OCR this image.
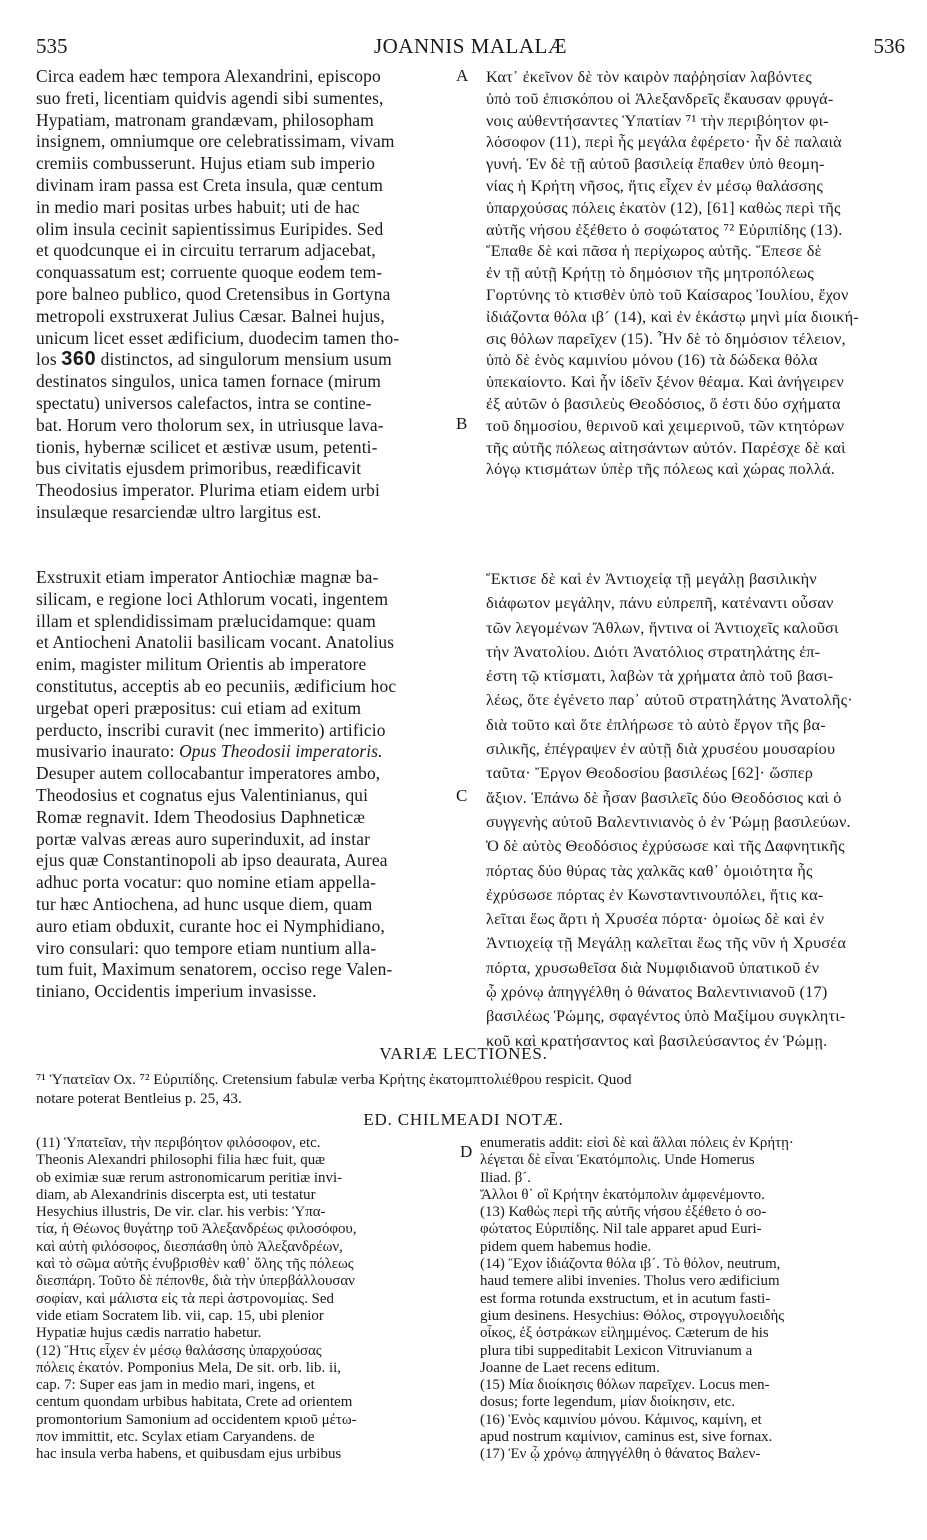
535	JOANNIS MALALÆ	536
Circa eadem hæc tempora Alexandrini, episcopo
suo freti, licentiam quidvis agendi sibi sumentes,
Hypatiam, matronam grandævam, philosopham
insignem, omniumque ore celebratissimam, vivam
cremiis combusserunt. Hujus etiam sub imperio
divinam iram passa est Creta insula, quæ centum
in medio mari positas urbes habuit; uti de hac
olim insula cecinit sapientissimus Euripides. Sed
et quodcunque ei in circuitu terrarum adjacebat,
conquassatum est; corruente quoque eodem tem-
pore balneo publico, quod Cretensibus in Gortyna
metropoli exstruxerat Julius Cæsar. Balnei hujus,
unicum licet esset ædificium, duodecim tamen tho-
los 360 distinctos, ad singulorum mensium usum
destinatos singulos, unica tamen fornace (mirum
spectatu) universos calefactos, intra se contine-
bat. Horum vero tholorum sex, in utriusque lava-
tionis, hybernæ scilicet et æstivæ usum, petenti-
bus civitatis ejusdem primoribus, reædificavit
Theodosius imperator. Plurima etiam eidem urbi
insulæque resarciendæ ultro largitus est.
Exstruxit etiam imperator Antiochiæ magnæ ba-
silicam, e regione loci Athlorum vocati, ingentem
illam et splendidissimam prælucidamque: quam
et Antiocheni Anatolii basilicam vocant. Anatolius
enim, magister militum Orientis ab imperatore
constitutus, acceptis ab eo pecuniis, ædificium hoc
urgebat operi præpositus: cui etiam ad exitum
perducto, inscribi curavit (nec immerito) artificio
musivario inaurato: Opus Theodosii imperatoris.
Desuper autem collocabantur imperatores ambo,
Theodosius et cognatus ejus Valentinianus, qui
Romæ regnavit. Idem Theodosius Daphneticæ
portæ valvas æreas auro superinduxit, ad instar
ejus quæ Constantinopoli ab ipso deaurata, Aurea
adhuc porta vocatur: quo nomine etiam appella-
tur hæc Antiochena, ad hunc usque diem, quam
auro etiam obduxit, curante hoc ei Nymphidiano,
viro consulari: quo tempore etiam nuntium alla-
tum fuit, Maximum senatorem, occiso rege Valen-
tiniano, Occidentis imperium invasisse.
Κατ᾽ ἐκεῖνον δὲ τὸν καιρὸν παῤῥησίαν λαβόντες
ὑπὸ τοῦ ἐπισκόπου οἱ Ἀλεξανδρεῖς ἔκαυσαν φρυγά-
νοις αὐθεντήσαντες Ὑπατίαν ⁷¹ τὴν περιβόητον φι-
λόσοφον (11), περὶ ἧς μεγάλα ἐφέρετο· ἦν δὲ παλαιὰ
γυνή. Ἐν δὲ τῇ αὐτοῦ βασιλείᾳ ἔπαθεν ὑπὸ θεομη-
νίας ἡ Κρήτη νῆσος, ἥτις εἶχεν ἐν μέσῳ θαλάσσης
ὑπαρχούσας πόλεις ἑκατὸν (12), [61] καθὼς περὶ τῆς
αὐτῆς νήσου ἐξέθετο ὁ σοφώτατος ⁷² Εὐριπίδης (13).
Ἔπαθε δὲ καὶ πᾶσα ἡ περίχωρος αὐτῆς. Ἔπεσε δὲ
ἐν τῇ αὐτῇ Κρήτῃ τὸ δημόσιον τῆς μητροπόλεως
Γορτύνης τὸ κτισθὲν ὑπὸ τοῦ Καίσαρος Ἰουλίου, ἔχον
ἰδιάζοντα θόλα ιβ´ (14), καὶ ἐν ἑκάστῳ μηνὶ μία διοική-
σις θόλων παρεῖχεν (15). Ἦν δὲ τὸ δημόσιον τέλειον,
ὑπὸ δὲ ἑνὸς καμινίου μόνου (16) τὰ δώδεκα θόλα
ὑπεκαίοντο. Καὶ ἦν ἰδεῖν ξένον θέαμα. Καὶ ἀνήγειρεν
ἐξ αὐτῶν ὁ βασιλεὺς Θεοδόσιος, ὅ ἐστι δύο σχήματα
τοῦ δημοσίου, θερινοῦ καὶ χειμερινοῦ, τῶν κτητόρων
τῆς αὐτῆς πόλεως αἰτησάντων αὐτόν. Παρέσχε δὲ καὶ
λόγῳ κτισμάτων ὑπὲρ τῆς πόλεως καὶ χώρας πολλά.
Ἔκτισε δὲ καὶ ἐν Ἀντιοχείᾳ τῇ μεγάλῃ βασιλικὴν
διάφωτον μεγάλην, πάνυ εὐπρεπῆ, κατέναντι οὖσαν
τῶν λεγομένων Ἄθλων, ἥντινα οἱ Ἀντιοχεῖς καλοῦσι
τὴν Ἀνατολίου. Διότι Ἀνατόλιος στρατηλάτης ἐπ-
έστη τῷ κτίσματι, λαβὼν τὰ χρήματα ἀπὸ τοῦ βασι-
λέως, ὅτε ἐγένετο παρ᾽ αὐτοῦ στρατηλάτης Ἀνατολῆς·
διὰ τοῦτο καὶ ὅτε ἐπλήρωσε τὸ αὐτὸ ἔργον τῆς βα-
σιλικῆς, ἐπέγραψεν ἐν αὐτῇ διὰ χρυσέου μουσαρίου
ταῦτα· Ἔργον Θεοδοσίου βασιλέως [62]· ὥσπερ
ἄξιον. Ἐπάνω δὲ ἦσαν βασιλεῖς δύο Θεοδόσιος καὶ ὁ
συγγενὴς αὐτοῦ Βαλεντινιανὸς ὁ ἐν Ῥώμῃ βασιλεύων.
Ὁ δὲ αὐτὸς Θεοδόσιος ἐχρύσωσε καὶ τῆς Δαφνητικῆς
πόρτας δύο θύρας τὰς χαλκᾶς καθ᾽ ὁμοιότητα ἧς
ἐχρύσωσε πόρτας ἐν Κωνσταντινουπόλει, ἥτις κα-
λεῖται ἕως ἄρτι ἡ Χρυσέα πόρτα· ὁμοίως δὲ καὶ ἐν
Ἀντιοχείᾳ τῇ Μεγάλῃ καλεῖται ἕως τῆς νῦν ἡ Χρυσέα
πόρτα, χρυσωθεῖσα διὰ Νυμφιδιανοῦ ὑπατικοῦ ἐν
ᾧ χρόνῳ ἀπηγγέλθη ὁ θάνατος Βαλεντινιανοῦ (17)
βασιλέως Ῥώμης, σφαγέντος ὑπὸ Μαξίμου συγκλητι-
κοῦ καὶ κρατήσαντος καὶ βασιλεύσαντος ἐν Ῥώμῃ.
A
B
C
D
VARIÆ LECTIONES.
⁷¹ Ὑπατεῖαν Ox. ⁷² Εὐριπίδης. Cretensium fabulæ verba Κρήτης ἑκατομπτολιέθρου respicit. Quod
notare poterat Bentleius p. 25, 43.
ED. CHILMEADI NOTÆ.
(11) Ὑπατεῖαν, τὴν περιβόητον φιλόσοφον, etc.
Theonis Alexandri philosophi filia hæc fuit, quæ
ob eximiæ suæ rerum astronomicarum peritiæ invi-
diam, ab Alexandrinis discerpta est, uti testatur
Hesychius illustris, De vir. clar. his verbis: Ὑπα-
τία, ἡ Θέωνος θυγάτηρ τοῦ Ἀλεξανδρέως φιλοσόφου,
καὶ αὐτὴ φιλόσοφος, διεσπάσθη ὑπὸ Ἀλεξανδρέων,
καὶ τὸ σῶμα αὐτῆς ἐνυβρισθὲν καθ᾽ ὅλης τῆς πόλεως
διεσπάρη. Τοῦτο δὲ πέπονθε, διὰ τὴν ὑπερβάλλουσαν
σοφίαν, καὶ μάλιστα εἰς τὰ περὶ ἀστρονομίας. Sed
vide etiam Socratem lib. vii, cap. 15, ubi plenior
Hypatiæ hujus cædis narratio habetur.
(12) Ἥτις εἶχεν ἐν μέσῳ θαλάσσης ὑπαρχούσας
πόλεις ἑκατόν. Pomponius Mela, De sit. orb. lib. ii,
cap. 7: Super eas jam in medio mari, ingens, et
centum quondam urbibus habitata, Crete ad orientem
promontorium Samonium ad occidentem κριοῦ μέτω-
πον immittit, etc. Scylax etiam Caryandens. de
hac insula verba habens, et quibusdam ejus urbibus
enumeratis addit: εἰσὶ δὲ καὶ ἄλλαι πόλεις ἐν Κρήτῃ·
λέγεται δὲ εἶναι Ἑκατόμπολις. Unde Homerus
Iliad. β´.
Ἄλλοι θ᾽ οἳ Κρήτην ἑκατόμπολιν ἀμφενέμοντο.
(13) Καθὼς περὶ τῆς αὐτῆς νήσου ἐξέθετο ὁ σο-
φώτατος Εὐριπίδης. Nil tale apparet apud Euri-
pidem quem habemus hodie.
(14) Ἔχον ἰδιάζοντα θόλα ιβ´. Τὸ θόλον, neutrum,
haud temere alibi invenies. Tholus vero ædificium
est forma rotunda exstructum, et in acutum fasti-
gium desinens. Hesychius: Θόλος, στρογγυλοειδὴς
οἶκος, ἐξ ὀστράκων εἰλημμένος. Cæterum de his
plura tibi suppeditabit Lexicon Vitruvianum a
Joanne de Laet recens editum.
(15) Μία διοίκησις θόλων παρεῖχεν. Locus men-
dosus; forte legendum, μίαν διοίκησιν, etc.
(16) Ἑνὸς καμινίου μόνου. Κάμινος, καμίνη, et
apud nostrum καμίνιον, caminus est, sive fornax.
(17) Ἐν ᾧ χρόνῳ ἀπηγγέλθη ὁ θάνατος Βαλεν-
